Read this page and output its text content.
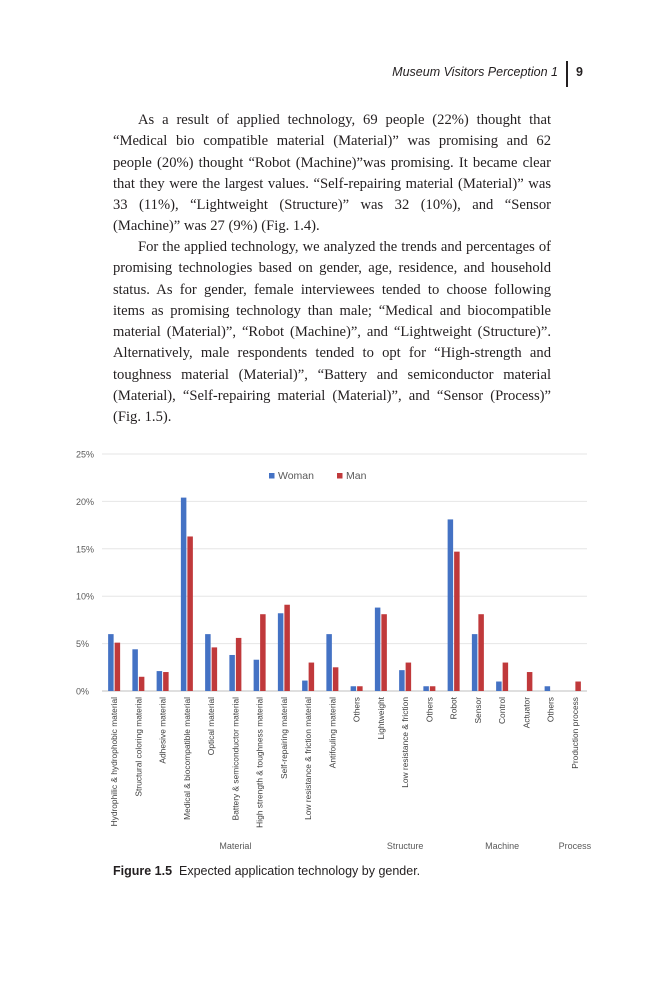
Museum Visitors Perception 1 9

As a result of applied technology, 69 people (22%) thought that “Medical bio compatible material (Material)” was promising and 62 people (20%) thought “Robot (Machine)”was promising. It became clear that they were the largest values. “Self-repairing material (Material)” was 33 (11%), “Lightweight (Structure)” was 32 (10%), and “Sensor (Machine)” was 27 (9%) (Fig. 1.4).

For the applied technology, we analyzed the trends and percentages of promising technologies based on gender, age, residence, and household status. As for gender, female interviewees tended to choose following items as promising technology than male; “Medical and biocompatible material (Material)”, “Robot (Machine)”, and “Lightweight (Structure)”. Alternatively, male respondents tended to opt for “High-strength and toughness material (Material)”, “Battery and semiconductor material (Material), “Self-repairing material (Material)”, and “Sensor (Process)” (Fig. 1.5).

0%
5%
10%
15%
20%
25%
Hydrophilic & hydrophobic material Structural coloring material Adhesive material Medical & biocompatible material Optical material Battery & semiconductor material High strength & toughness material Self-repairing material Low resistance & friction material Antifouling material Others Lightweight Low resistance & friction Others Robot Sensor Control Actuator Others Production process
Material	Structure	Machine	Process
Woman	Man
Figure 1.5 Expected application technology by gender.
